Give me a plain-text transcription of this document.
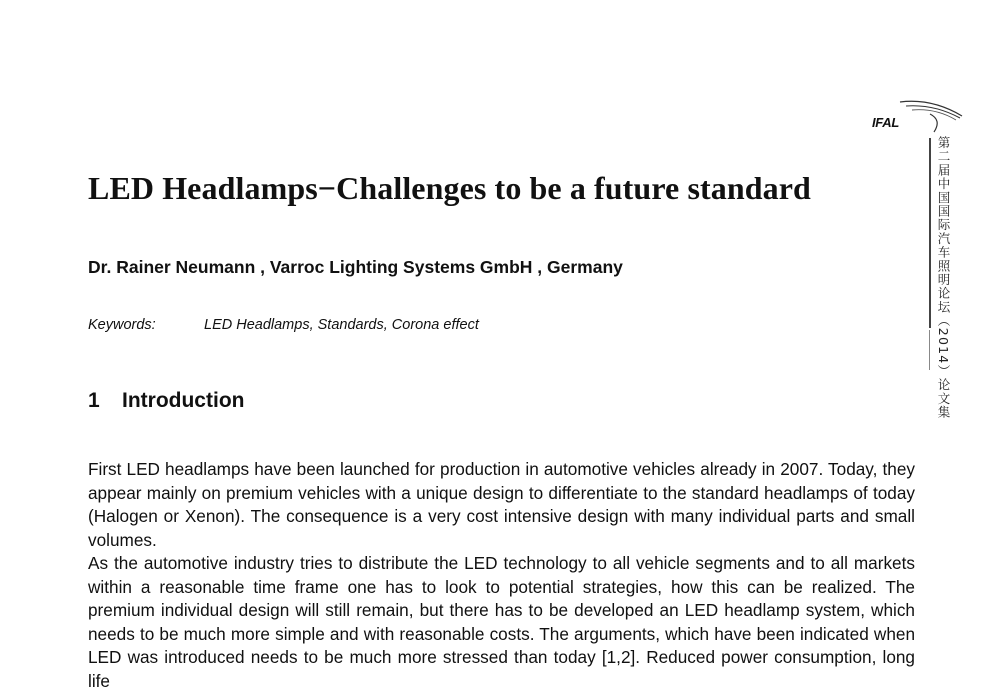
IFAL
第二届中国国际汽车照明论坛（2014）论文集
LED Headlamps−Challenges to be a future standard

Dr. Rainer Neumann , Varroc Lighting Systems GmbH , Germany

Keywords:	LED Headlamps, Standards, Corona effect

1 Introduction
First LED headlamps have been launched for production in automotive vehicles already in 2007. Today, they appear mainly on premium vehicles with a unique design to differentiate to the standard headlamps of today (Halogen or Xenon). The consequence is a very cost intensive design with many individual parts and small volumes.
As the automotive industry tries to distribute the LED technology to all vehicle segments and to all markets within a reasonable time frame one has to look to potential strategies, how this can be realized. The premium individual design will still remain, but there has to be developed an LED headlamp system, which needs to be much more simple and with reasonable costs. The arguments, which have been indicated when LED was introduced needs to be much more stressed than today [1,2]. Reduced power consumption, long life
